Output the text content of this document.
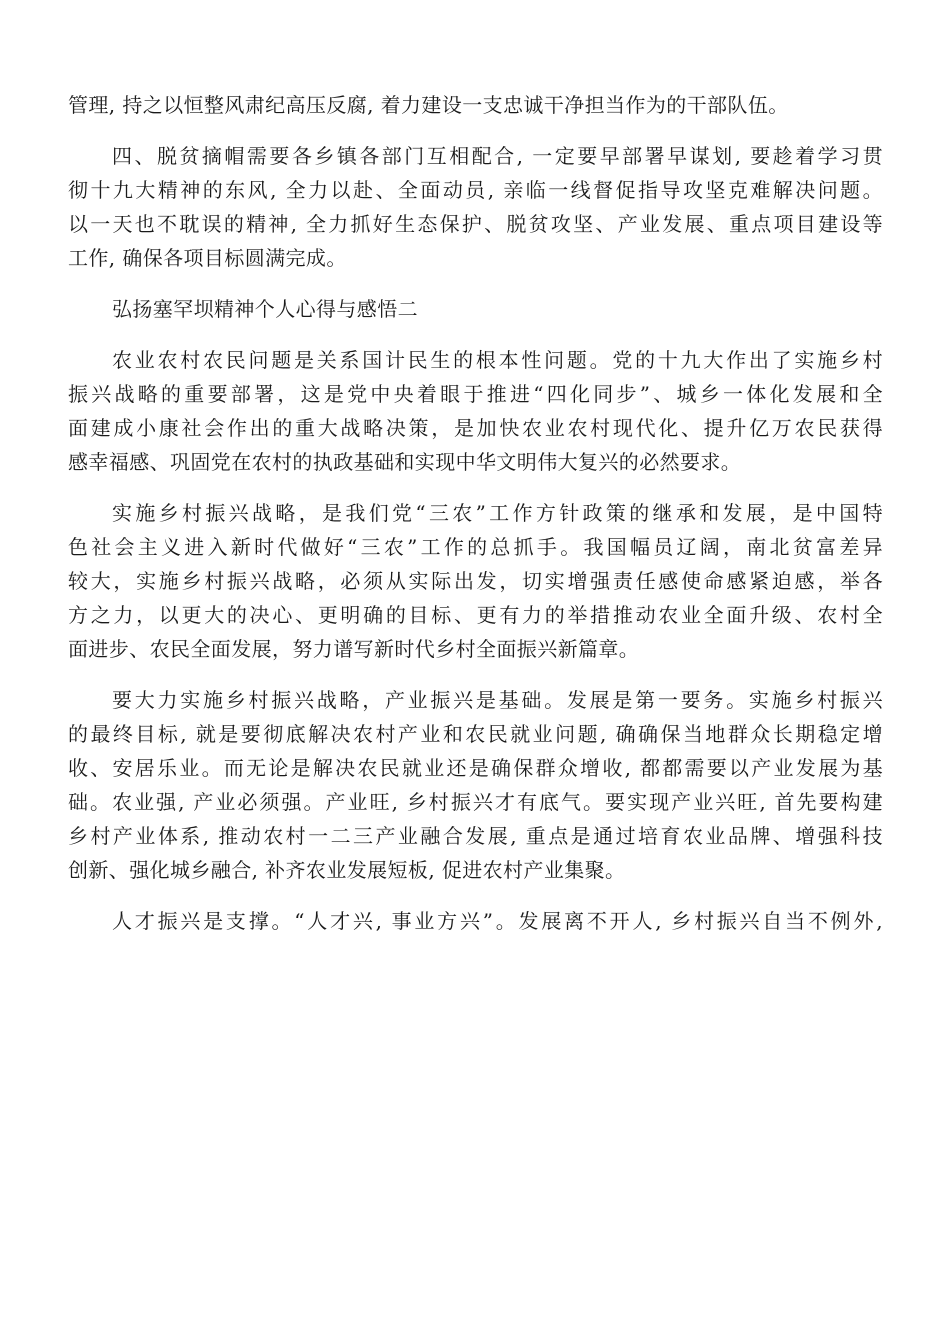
管理, 持之以恒整风肃纪高压反腐, 着力建设一支忠诚干净担当作为的干部队伍。
四、脱贫摘帽需要各乡镇各部门互相配合, 一定要早部署早谋划, 要趁着学习贯
彻十九大精神的东风, 全力以赴、全面动员, 亲临一线督促指导攻坚克难解决问题。
以一天也不耽误的精神, 全力抓好生态保护、脱贫攻坚、产业发展、重点项目建设等
工作, 确保各项目标圆满完成。
弘扬塞罕坝精神个人心得与感悟二
农业农村农民问题是关系国计民生的根本性问题。党的十九大作出了实施乡村
振兴战略的重要部署，这是党中央着眼于推进“四化同步”、城乡一体化发展和全
面建成小康社会作出的重大战略决策，是加快农业农村现代化、提升亿万农民获得
感幸福感、巩固党在农村的执政基础和实现中华文明伟大复兴的必然要求。
实施乡村振兴战略，是我们党“三农”工作方针政策的继承和发展，是中国特
色社会主义进入新时代做好“三农”工作的总抓手。我国幅员辽阔，南北贫富差异
较大，实施乡村振兴战略，必须从实际出发，切实增强责任感使命感紧迫感，举各
方之力，以更大的决心、更明确的目标、更有力的举措推动农业全面升级、农村全
面进步、农民全面发展，努力谱写新时代乡村全面振兴新篇章。
要大力实施乡村振兴战略，产业振兴是基础。发展是第一要务。实施乡村振兴
的最终目标, 就是要彻底解决农村产业和农民就业问题, 确确保当地群众长期稳定增
收、安居乐业。而无论是解决农民就业还是确保群众增收, 都都需要以产业发展为基
础。农业强, 产业必须强。产业旺, 乡村振兴才有底气。要实现产业兴旺, 首先要构建
乡村产业体系, 推动农村一二三产业融合发展, 重点是通过培育农业品牌、增强科技
创新、强化城乡融合, 补齐农业发展短板, 促进农村产业集聚。
人才振兴是支撑。“人才兴, 事业方兴”。发展离不开人, 乡村振兴自当不例外,
